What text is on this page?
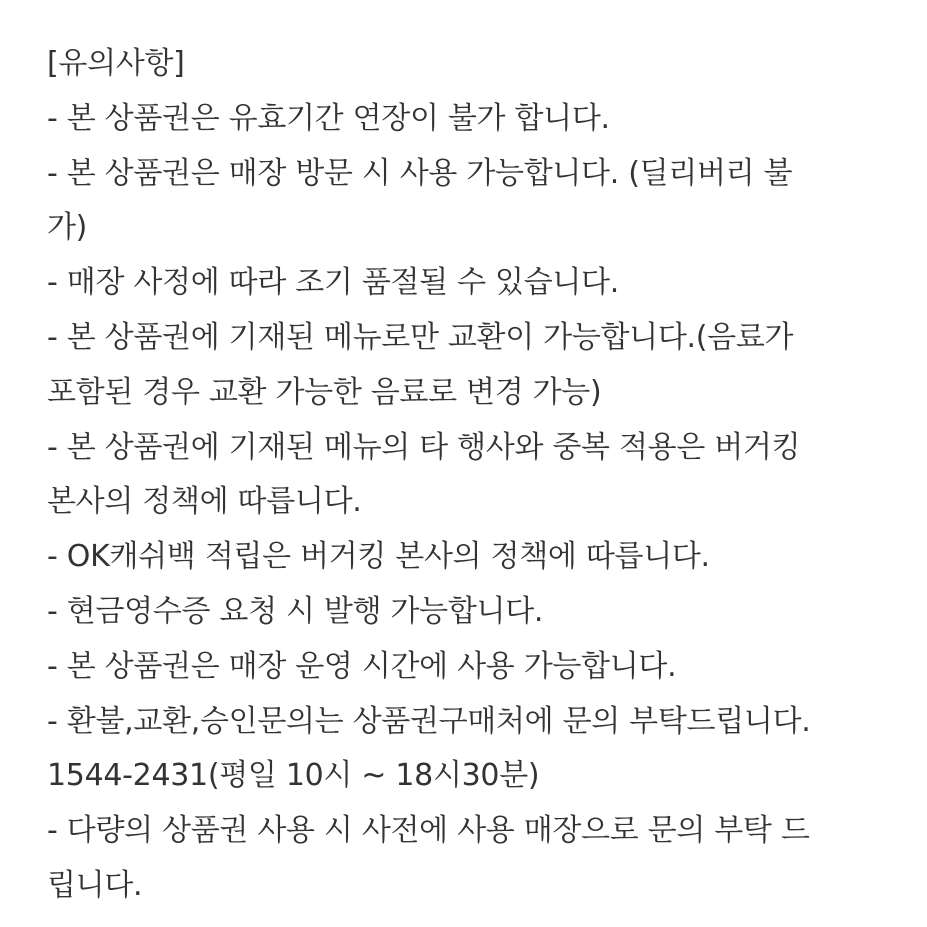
[유의사항]
- 본 상품권은 유효기간 연장이 불가 합니다.
- 본 상품권은 매장 방문 시 사용 가능합니다. (딜리버리 불
가)
- 매장 사정에 따라 조기 품절될 수 있습니다.
- 본 상품권에 기재된 메뉴로만 교환이 가능합니다.(음료가
포함된 경우 교환 가능한 음료로 변경 가능)
- 본 상품권에 기재된 메뉴의 타 행사와 중복 적용은 버거킹
본사의 정책에 따릅니다.
- OK캐쉬백 적립은 버거킹 본사의 정책에 따릅니다.
- 현금영수증 요청 시 발행 가능합니다.
- 본 상품권은 매장 운영 시간에 사용 가능합니다.
- 환불,교환,승인문의는 상품권구매처에 문의 부탁드립니다.
1544-2431(평일 10시 ~ 18시30분)
- 다량의 상품권 사용 시 사전에 사용 매장으로 문의 부탁 드
립니다.
